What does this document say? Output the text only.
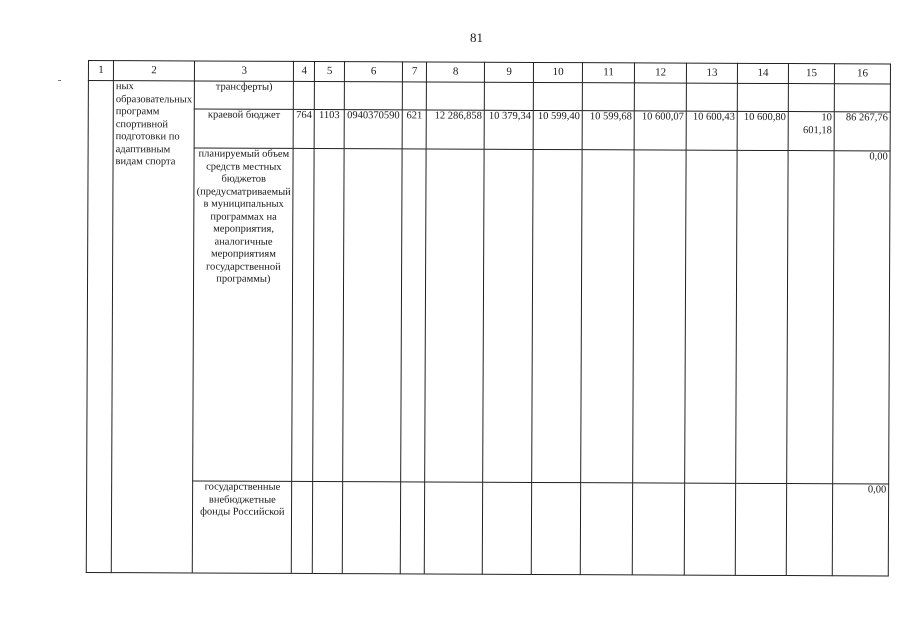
81
1	2	3	4	5	6	7	8	9	10	11	12	13	14	15	16
	ных образовательных программ спортивной подготовки по адаптивным видам спорта	трансферты)													
		краевой бюджет	764	1103	0940370590	621	12 286,858	10 379,34	10 599,40	10 599,68	10 600,07	10 600,43	10 600,80	10 601,18	86 267,76
		планируемый объем средств местных бюджетов (предусматриваемый в муниципальных программах на мероприятия, аналогичные мероприятиям государственной программы)													0,00
		государственные внебюджетные фонды Российской													0,00
